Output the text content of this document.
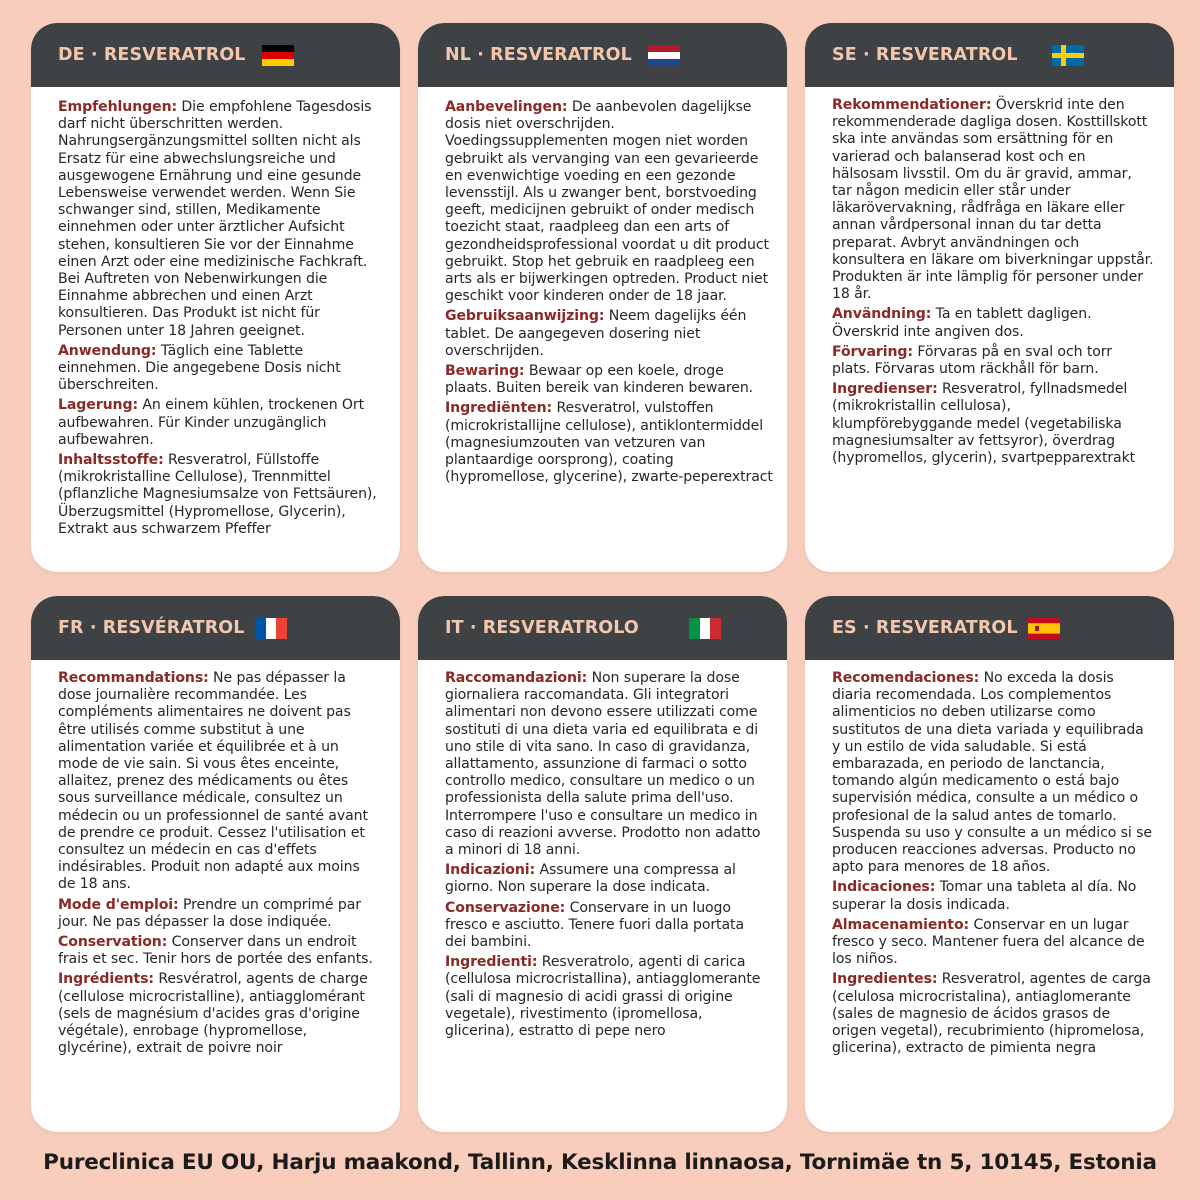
DE · RESVERATROL

Empfehlungen: Die empfohlene Tagesdosis darf nicht überschritten werden. Nahrungsergänzungsmittel sollten nicht als Ersatz für eine abwechslungsreiche und ausgewogene Ernährung und eine gesunde Lebensweise verwendet werden. Wenn Sie schwanger sind, stillen, Medikamente einnehmen oder unter ärztlicher Aufsicht stehen, konsultieren Sie vor der Einnahme einen Arzt oder eine medizinische Fachkraft. Bei Auftreten von Nebenwirkungen die Einnahme abbrechen und einen Arzt konsultieren. Das Produkt ist nicht für Personen unter 18 Jahren geeignet.

Anwendung: Täglich eine Tablette einnehmen. Die angegebene Dosis nicht überschreiten.

Lagerung: An einem kühlen, trockenen Ort aufbewahren. Für Kinder unzugänglich aufbewahren.

Inhaltsstoffe: Resveratrol, Füllstoffe (mikrokristalline Cellulose), Trennmittel (pflanzliche Magnesiumsalze von Fettsäuren), Überzugsmittel (Hypromellose, Glycerin), Extrakt aus schwarzem Pfeffer

NL · RESVERATROL

Aanbevelingen: De aanbevolen dagelijkse dosis niet overschrijden. Voedingssupplementen mogen niet worden gebruikt als vervanging van een gevarieerde en evenwichtige voeding en een gezonde levensstijl. Als u zwanger bent, borstvoeding geeft, medicijnen gebruikt of onder medisch toezicht staat, raadpleeg dan een arts of gezondheidsprofessional voordat u dit product gebruikt. Stop het gebruik en raadpleeg een arts als er bijwerkingen optreden. Product niet geschikt voor kinderen onder de 18 jaar.

Gebruiksaanwijzing: Neem dagelijks één tablet. De aangegeven dosering niet overschrijden.

Bewaring: Bewaar op een koele, droge plaats. Buiten bereik van kinderen bewaren.

Ingrediënten: Resveratrol, vulstoffen (microkristallijne cellulose), antiklontermiddel (magnesiumzouten van vetzuren van plantaardige oorsprong), coating (hypromellose, glycerine), zwarte-peperextract

SE · RESVERATROL

Rekommendationer: Överskrid inte den rekommenderade dagliga dosen. Kosttillskott ska inte användas som ersättning för en varierad och balanserad kost och en hälsosam livsstil. Om du är gravid, ammar, tar någon medicin eller står under läkarövervakning, rådfråga en läkare eller annan vårdpersonal innan du tar detta preparat. Avbryt användningen och konsultera en läkare om biverkningar uppstår. Produkten är inte lämplig för personer under 18 år.

Användning: Ta en tablett dagligen. Överskrid inte angiven dos.

Förvaring: Förvaras på en sval och torr plats. Förvaras utom räckhåll för barn.

Ingredienser: Resveratrol, fyllnadsmedel (mikrokristallin cellulosa), klumpförebyggande medel (vegetabiliska magnesiumsalter av fettsyror), överdrag (hypromellos, glycerin), svartpepparextrakt

FR · RESVÉRATROL

Recommandations: Ne pas dépasser la dose journalière recommandée. Les compléments alimentaires ne doivent pas être utilisés comme substitut à une alimentation variée et équilibrée et à un mode de vie sain. Si vous êtes enceinte, allaitez, prenez des médicaments ou êtes sous surveillance médicale, consultez un médecin ou un professionnel de santé avant de prendre ce produit. Cessez l'utilisation et consultez un médecin en cas d'effets indésirables. Produit non adapté aux moins de 18 ans.

Mode d'emploi: Prendre un comprimé par jour. Ne pas dépasser la dose indiquée.

Conservation: Conserver dans un endroit frais et sec. Tenir hors de portée des enfants.

Ingrédients: Resvératrol, agents de charge (cellulose microcristalline), antiagglomérant (sels de magnésium d'acides gras d'origine végétale), enrobage (hypromellose, glycérine), extrait de poivre noir

IT · RESVERATROLO

Raccomandazioni: Non superare la dose giornaliera raccomandata. Gli integratori alimentari non devono essere utilizzati come sostituti di una dieta varia ed equilibrata e di uno stile di vita sano. In caso di gravidanza, allattamento, assunzione di farmaci o sotto controllo medico, consultare un medico o un professionista della salute prima dell'uso. Interrompere l'uso e consultare un medico in caso di reazioni avverse. Prodotto non adatto a minori di 18 anni.

Indicazioni: Assumere una compressa al giorno. Non superare la dose indicata.

Conservazione: Conservare in un luogo fresco e asciutto. Tenere fuori dalla portata dei bambini.

Ingredienti: Resveratrolo, agenti di carica (cellulosa microcristallina), antiagglomerante (sali di magnesio di acidi grassi di origine vegetale), rivestimento (ipromellosa, glicerina), estratto di pepe nero

ES · RESVERATROL

Recomendaciones: No exceda la dosis diaria recomendada. Los complementos alimenticios no deben utilizarse como sustitutos de una dieta variada y equilibrada y un estilo de vida saludable. Si está embarazada, en periodo de lanctancia, tomando algún medicamento o está bajo supervisión médica, consulte a un médico o profesional de la salud antes de tomarlo. Suspenda su uso y consulte a un médico si se producen reacciones adversas. Producto no apto para menores de 18 años.

Indicaciones: Tomar una tableta al día. No superar la dosis indicada.

Almacenamiento: Conservar en un lugar fresco y seco. Mantener fuera del alcance de los niños.

Ingredientes: Resveratrol, agentes de carga (celulosa microcristalina), antiaglomerante (sales de magnesio de ácidos grasos de origen vegetal), recubrimiento (hipromelosa, glicerina), extracto de pimienta negra

Pureclinica EU OU, Harju maakond, Tallinn, Kesklinna linnaosa, Tornimäe tn 5, 10145, Estonia
